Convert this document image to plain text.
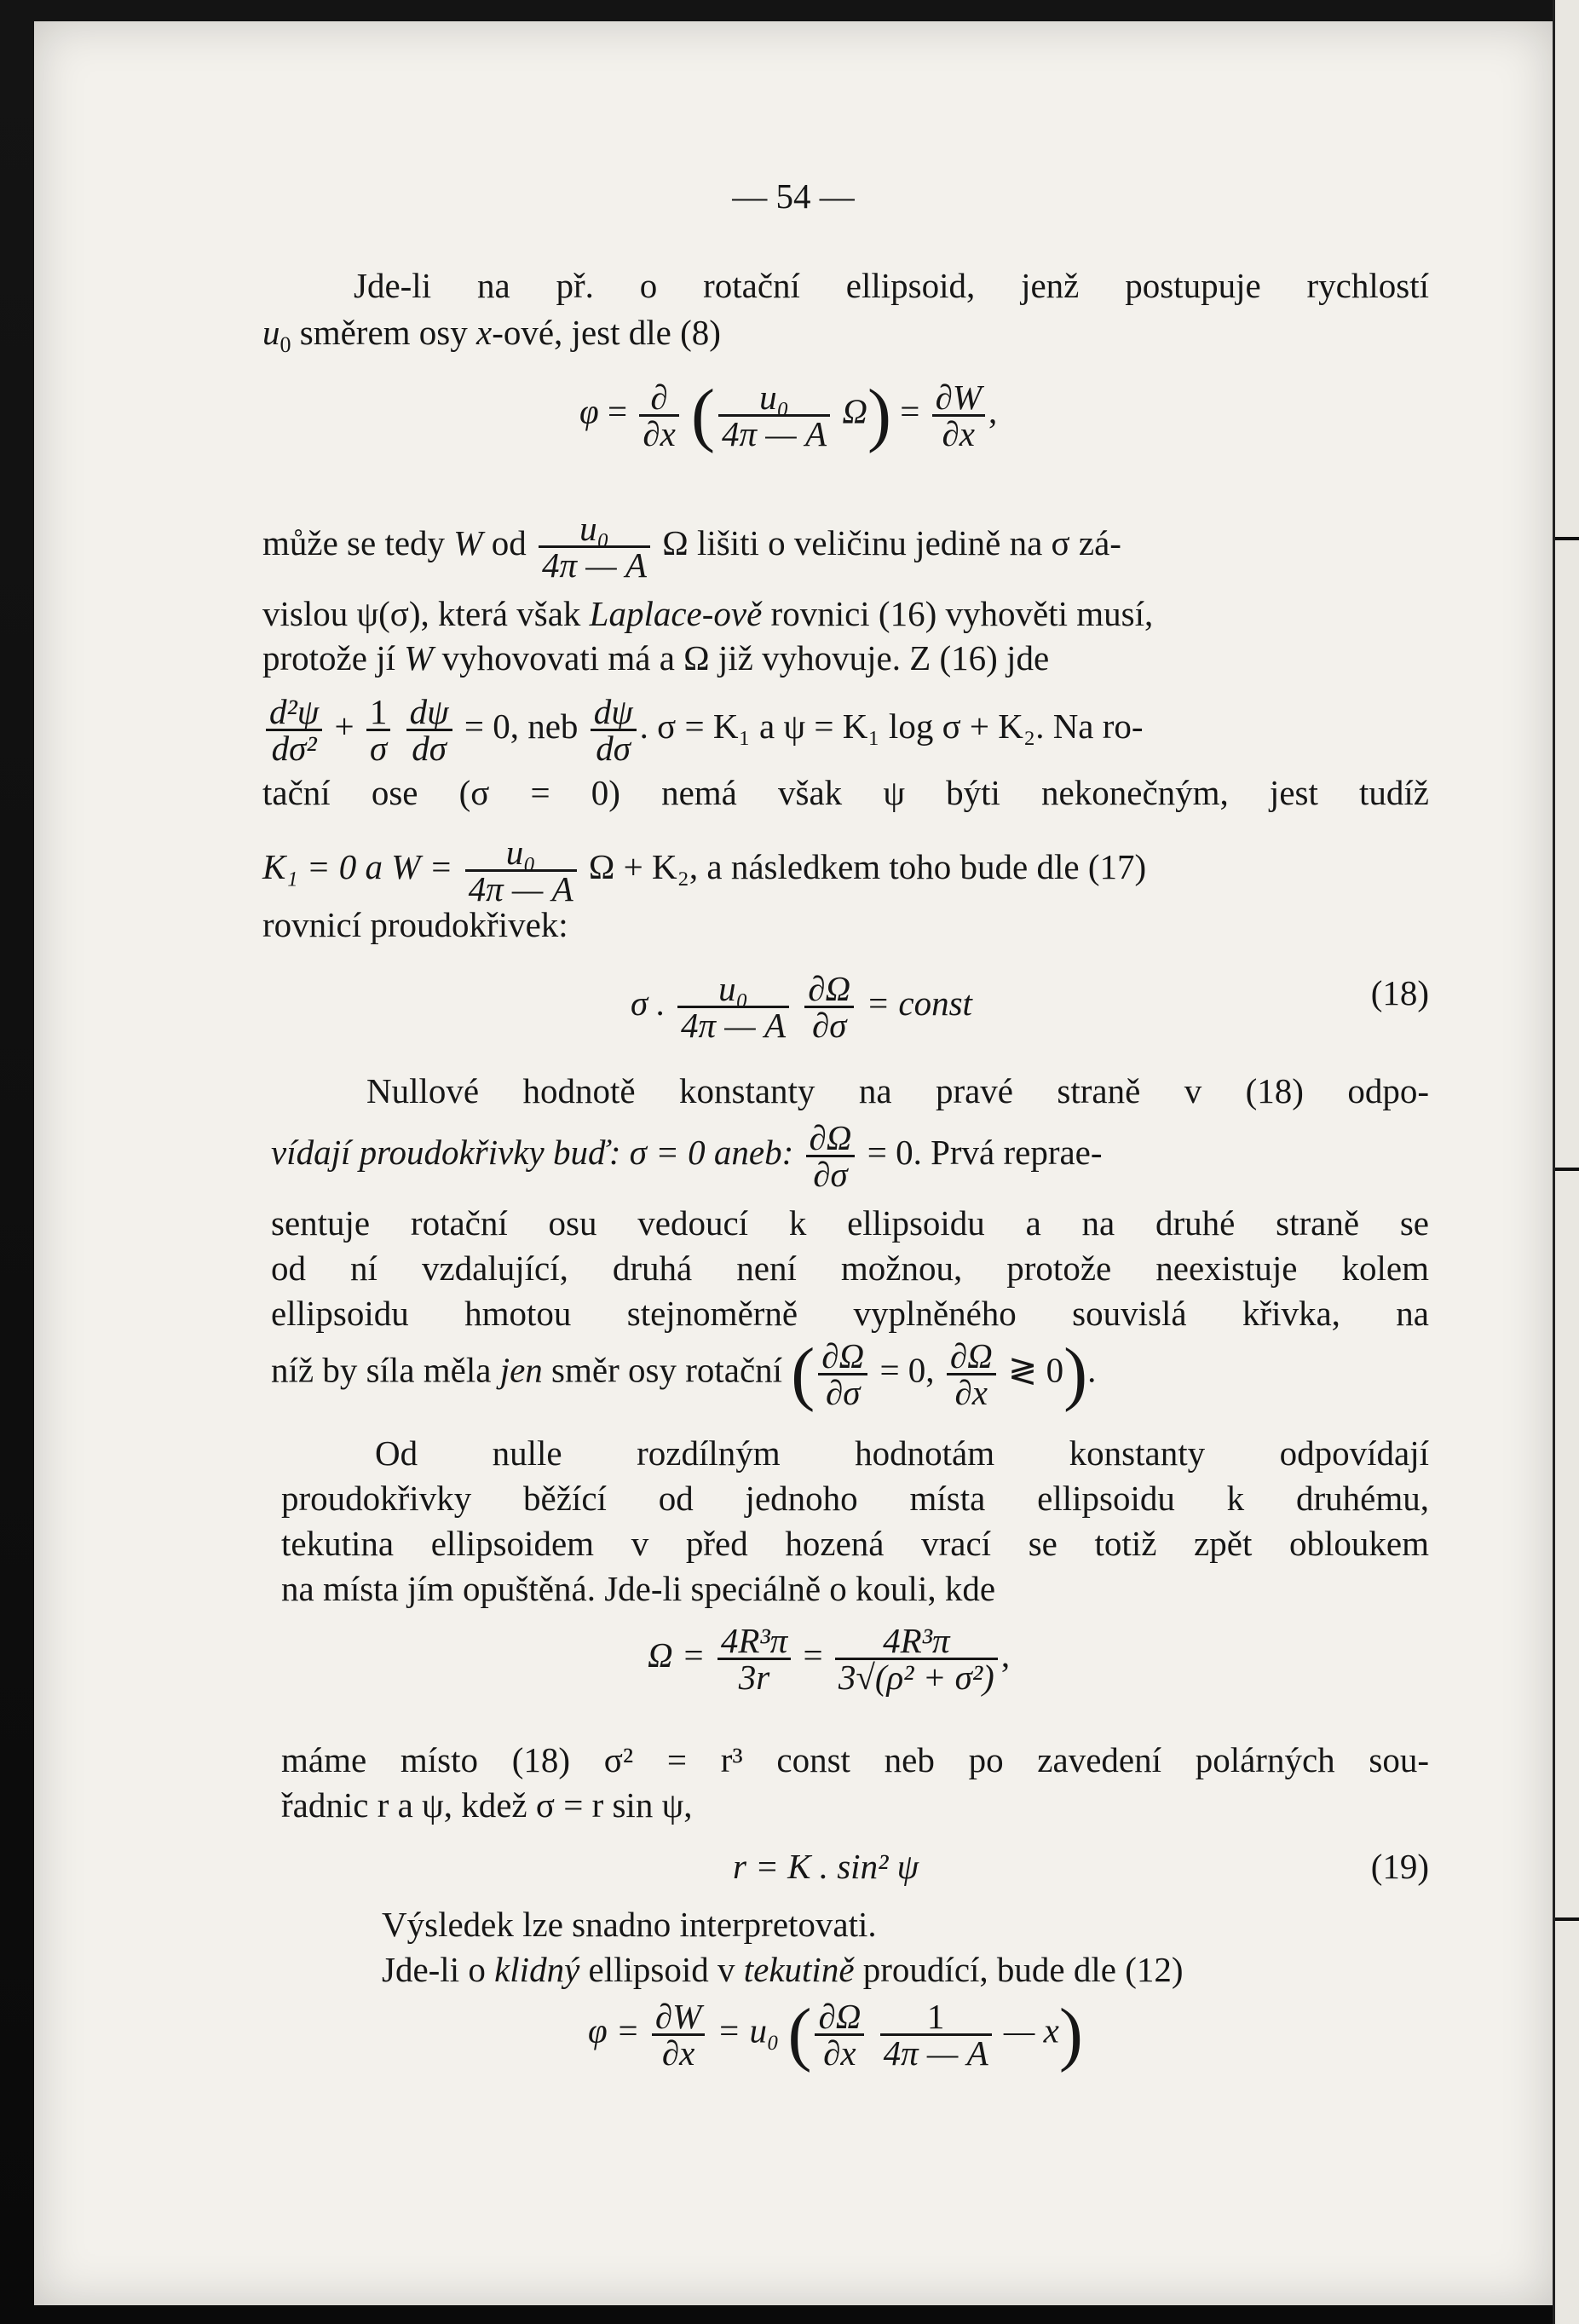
— 54 —
Jde-li na př. o rotační ellipsoid, jenž postupuje rychlostí
$u_0$ směrem osy x-ové, jest dle (8)
$\varphi = \frac{\partial}{\partial x}$ ( $\frac{\text{u₀}}{4\pi — A} \Omega) = \frac{\partial W}{\partial x}$ ,
může se tedy W od $\frac{\text{u₀}}{4\pi — A}$ Ω lišiti o veličinu jedině na σ zá-
vislou ψ(σ), která však Laplace-ově rovnici (16) vyhověti musí,
protože jí W vyhovovati má a Ω již vyhovuje. Z (16) jde
$\frac{\text{d²ψ}}{\text{dσ²}} + \frac{1}{\sigma}$
$\frac{d\psi}{d\sigma} = 0$, neb $\frac{d\psi}{d\sigma}$ . σ = K₁ a ψ = K₁ log σ + K₂. Na ro-
tační ose (σ = 0) nemá však ψ býti nekonečným, jest tudíž
K₁ = 0 a $W = \frac{\text{u₀}}{4\pi — A}$ Ω + K₂, a následkem toho bude dle (17)
rovnicí proudokřivek:
σ . $\frac{\text{u₀}}{4\pi — A}$
$\frac{\partial\Omega}{\partial\sigma}$ = const	(18)
Nullové hodnotě konstanty na pravé straně v (18) odpo-
vídají proudokřivky buď: σ = 0 aneb: $\frac{\partial\Omega}{\partial\sigma} = 0$. Prvá reprae-
sentuje rotační osu vedoucí k ellipsoidu a na druhé straně se
od ní vzdalující, druhá není možnou, protože neexistuje kolem
ellipsoidu hmotou stejnoměrně vyplněného souvislá křivka, na
níž by síla měla jen směr osy rotační ( $\frac{\partial\Omega}{\partial\sigma} = 0$, $\frac{\partial\Omega}{\partial x}$ ≷ 0).
Od nulle rozdílným hodnotám konstanty odpovídají
proudokřivky běžící od jednoho místa ellipsoidu k druhému,
tekutina ellipsoidem v před hozená vrací se totiž zpět obloukem
na místa jím opuštěná. Jde-li speciálně o kouli, kde
$\Omega = \frac{\text{4R³π}}{3r} = \frac{\text{4R³π}}{\text{3√(ρ² + σ²)}}$ ,
máme místo (18) σ² = r³ const neb po zavedení polárných sou-
řadnic r a ψ, kdež σ = r sin ψ,
r = K . sin² ψ	(19)
Výsledek lze snadno interpretovati.
Jde-li o klidný ellipsoid v tekutině proudící, bude dle (12)
$\varphi = \frac{\partial W}{\partial x} = u_0$ ( $\frac{\partial\Omega}{\partial x}$
$\frac{1}{4\pi — A}$ — x)
